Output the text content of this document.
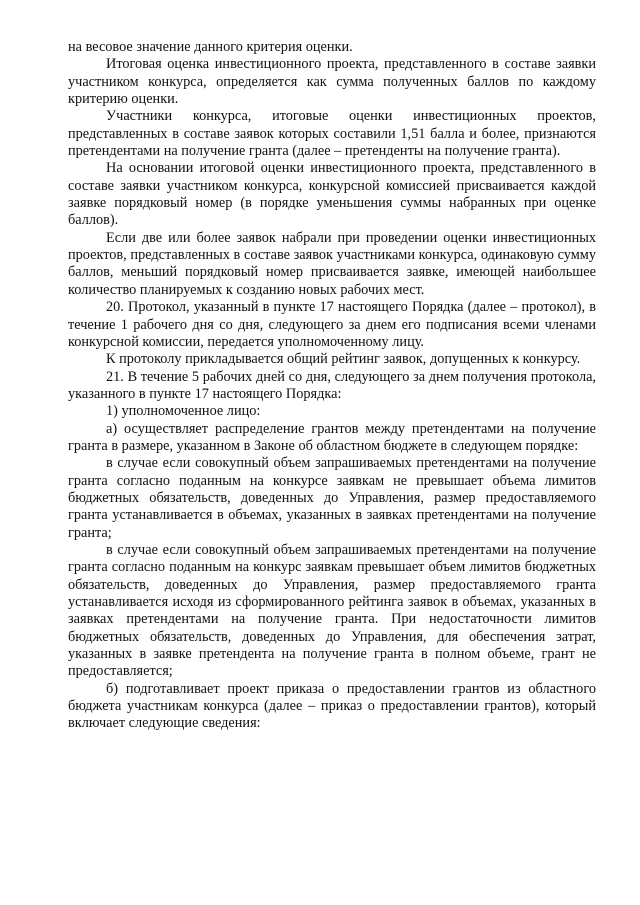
на весовое значение данного критерия оценки.

Итоговая оценка инвестиционного проекта, представленного в составе заявки участником конкурса, определяется как сумма полученных баллов по каждому критерию оценки.

Участники конкурса, итоговые оценки инвестиционных проектов, представленных в составе заявок которых составили 1,51 балла и более, признаются претендентами на получение гранта (далее – претенденты на получение гранта).

На основании итоговой оценки инвестиционного проекта, представленного в составе заявки участником конкурса, конкурсной комиссией присваивается каждой заявке порядковый номер (в порядке уменьшения суммы набранных при оценке баллов).

Если две или более заявок набрали при проведении оценки инвестиционных проектов, представленных в составе заявок участниками конкурса, одинаковую сумму баллов, меньший порядковый номер присваивается заявке, имеющей наибольшее количество планируемых к созданию новых рабочих мест.

20. Протокол, указанный в пункте 17 настоящего Порядка (далее – протокол), в течение 1 рабочего дня со дня, следующего за днем его подписания всеми членами конкурсной комиссии, передается уполномоченному лицу.

К протоколу прикладывается общий рейтинг заявок, допущенных к конкурсу.

21. В течение 5 рабочих дней со дня, следующего за днем получения протокола, указанного в пункте 17 настоящего Порядка:

1) уполномоченное лицо:

а) осуществляет распределение грантов между претендентами на получение гранта в размере, указанном в Законе об областном бюджете в следующем порядке:

в случае если совокупный объем запрашиваемых претендентами на получение гранта согласно поданным на конкурсе заявкам не превышает объема лимитов бюджетных обязательств, доведенных до Управления, размер предоставляемого гранта устанавливается в объемах, указанных в заявках претендентами на получение гранта;

в случае если совокупный объем запрашиваемых претендентами на получение гранта согласно поданным на конкурс заявкам превышает объем лимитов бюджетных обязательств, доведенных до Управления, размер предоставляемого гранта устанавливается исходя из сформированного рейтинга заявок в объемах, указанных в заявках претендентами на получение гранта. При недостаточности лимитов бюджетных обязательств, доведенных до Управления, для обеспечения затрат, указанных в заявке претендента на получение гранта в полном объеме, грант не предоставляется;

б) подготавливает проект приказа о предоставлении грантов из областного бюджета участникам конкурса (далее – приказ о предоставлении грантов), который включает следующие сведения:
